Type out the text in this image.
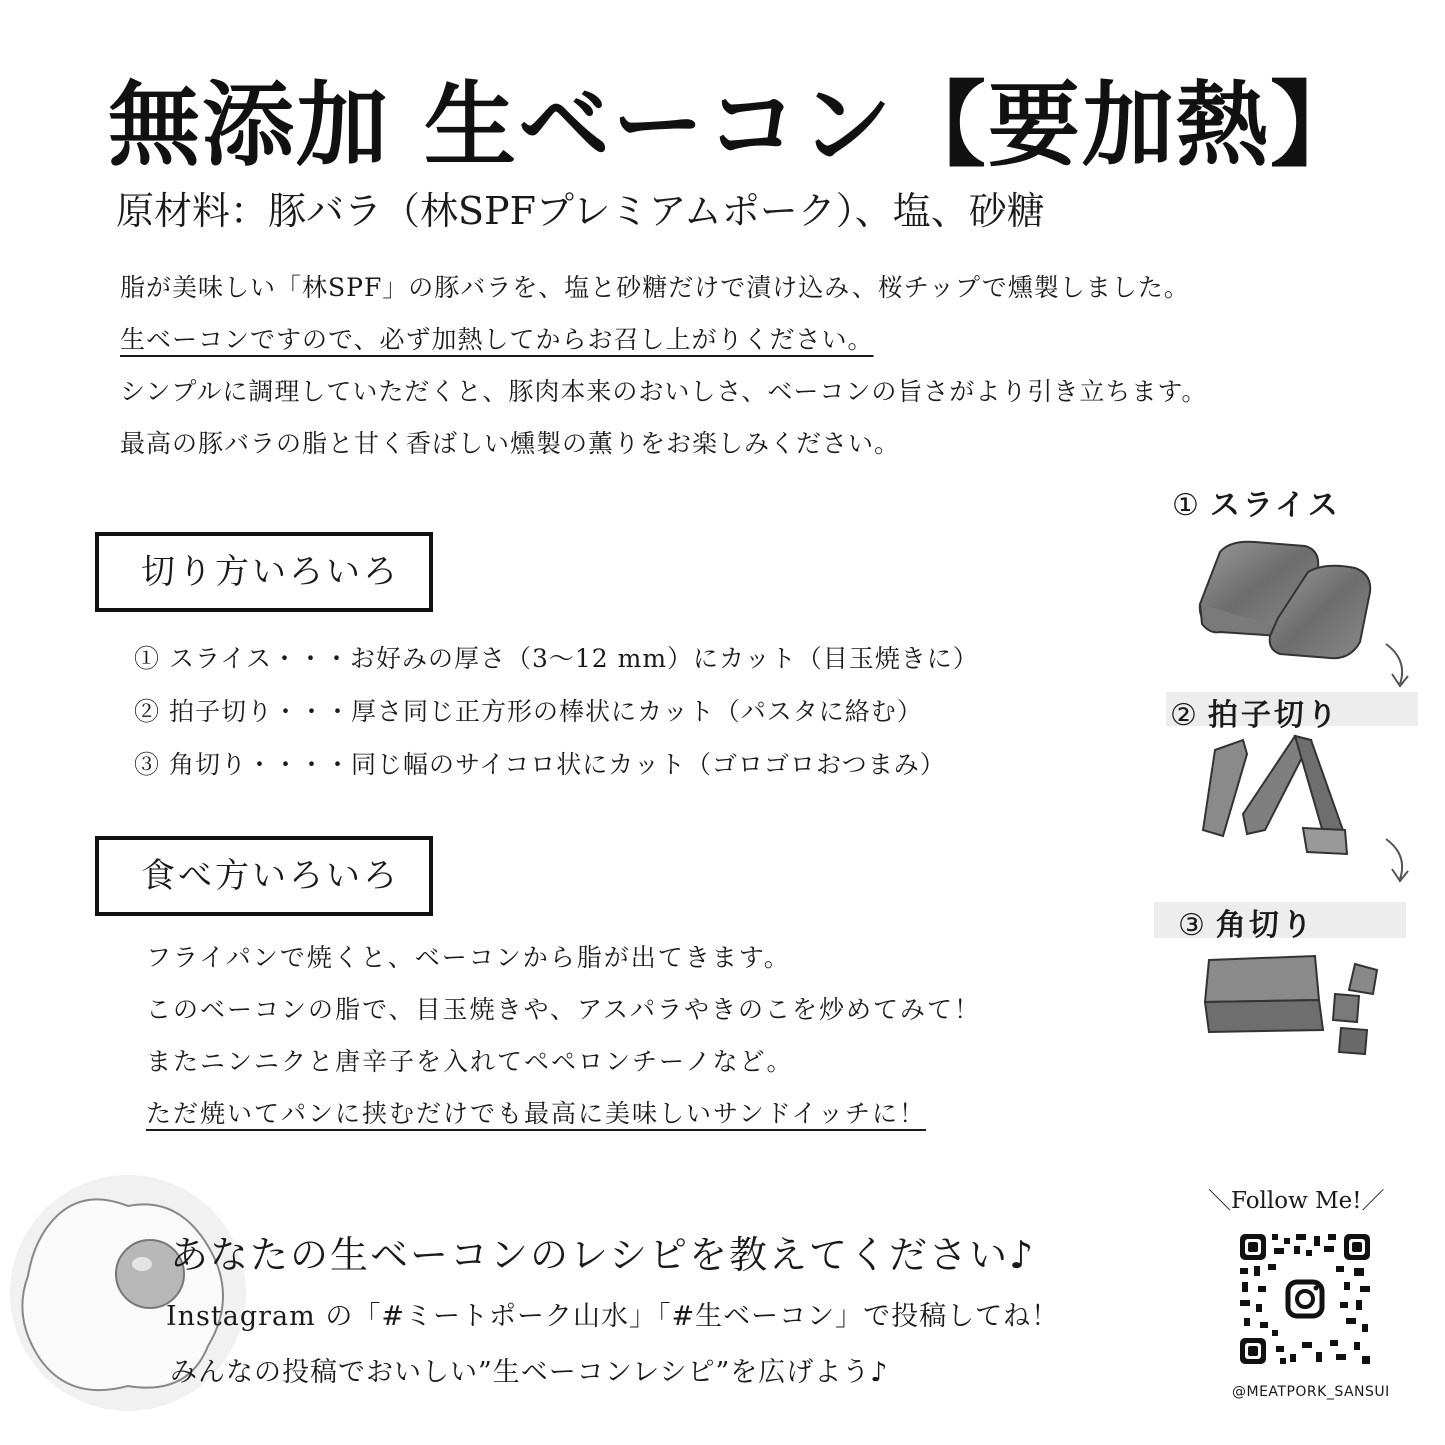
無添加 生ベーコン【要加熱】
原材料：豚バラ（林SPFプレミアムポーク）、塩、砂糖
脂が美味しい「林SPF」の豚バラを、塩と砂糖だけで漬け込み、桜チップで燻製しました。
生ベーコンですので、必ず加熱してからお召し上がりください。
シンプルに調理していただくと、豚肉本来のおいしさ、ベーコンの旨さがより引き立ちます。
最高の豚バラの脂と甘く香ばしい燻製の薫りをお楽しみください。
切り方いろいろ
① スライス・・・お好みの厚さ（3～12 mm）にカット（目玉焼きに）
② 拍子切り・・・厚さ同じ正方形の棒状にカット（パスタに絡む）
③ 角切り・・・・同じ幅のサイコロ状にカット（ゴロゴロおつまみ）
食べ方いろいろ
フライパンで焼くと、ベーコンから脂が出てきます。
このベーコンの脂で、目玉焼きや、アスパラやきのこを炒めてみて！
またニンニクと唐辛子を入れてペペロンチーノなど。
ただ焼いてパンに挟むだけでも最高に美味しいサンドイッチに！
① スライス
② 拍子切り
③ 角切り
あなたの生ベーコンのレシピを教えてください♪
Instagram の「#ミートポーク山水」「#生ベーコン」で投稿してね！
みんなの投稿でおいしい”生ベーコンレシピ”を広げよう♪
＼Follow Me!／
@MEATPORK_SANSUI
